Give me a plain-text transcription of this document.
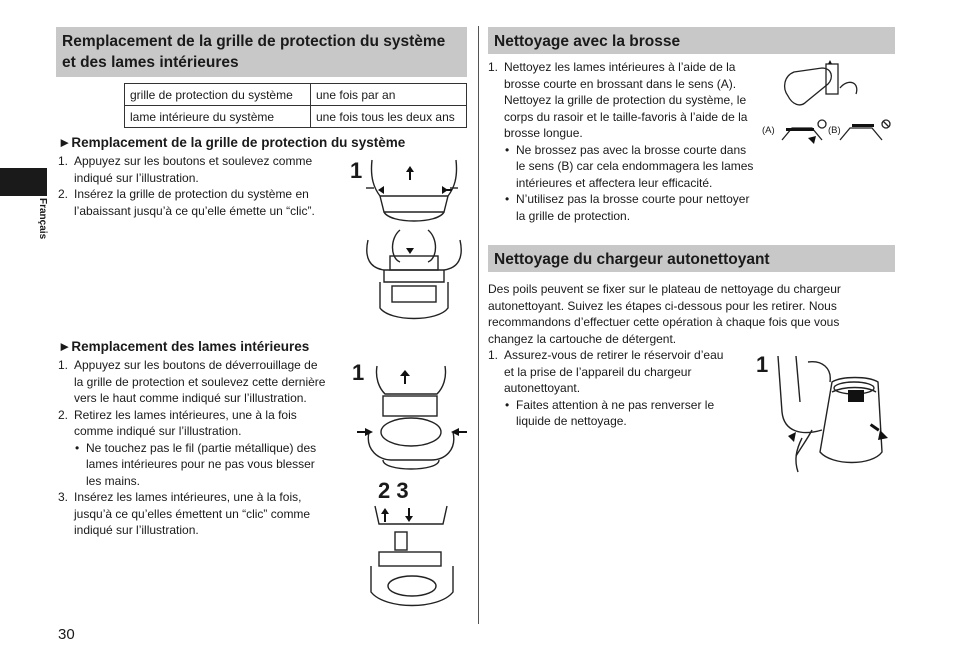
Français
Remplacement de la grille de protection du système et des lames intérieures
grille de protection du système	une fois par an
lame intérieure du système	une fois tous les deux ans
►Remplacement de la grille de protection du système
1. Appuyez sur les boutons et soulevez comme indiqué sur l’illustration.
2. Insérez la grille de protection du système en l’abaissant jusqu’à ce qu’elle émette un “clic”.
1
►Remplacement des lames intérieures
1. Appuyez sur les boutons de déverrouillage de la grille de protection et soulevez cette dernière vers le haut comme indiqué sur l’illustration.
2. Retirez les lames intérieures, une à la fois comme indiqué sur l’illustration.
• Ne touchez pas le fil (partie métallique) des lames intérieures pour ne pas vous blesser les mains.
3. Insérez les lames intérieures, une à la fois, jusqu’à ce qu’elles émettent un “clic” comme indiqué sur l’illustration.
1
2 3
30
Nettoyage avec la brosse
1. Nettoyez les lames intérieures à l’aide de la brosse courte en brossant dans le sens (A). Nettoyez la grille de protection du système, le corps du rasoir et le taille-favoris à l’aide de la brosse longue.
• Ne brossez pas avec la brosse courte dans le sens (B) car cela endommagera les lames intérieures et affectera leur efficacité.
• N’utilisez pas la brosse courte pour nettoyer la grille de protection.
(A)	(B)
Nettoyage du chargeur autonettoyant
Des poils peuvent se fixer sur le plateau de nettoyage du chargeur autonettoyant. Suivez les étapes ci-dessous pour les retirer. Nous recommandons d’effectuer cette opération à chaque fois que vous changez la cartouche de détergent.
1. Assurez-vous de retirer le réservoir d’eau et la prise de l’appareil du chargeur autonettoyant.
• Faites attention à ne pas renverser le liquide de nettoyage.
1
